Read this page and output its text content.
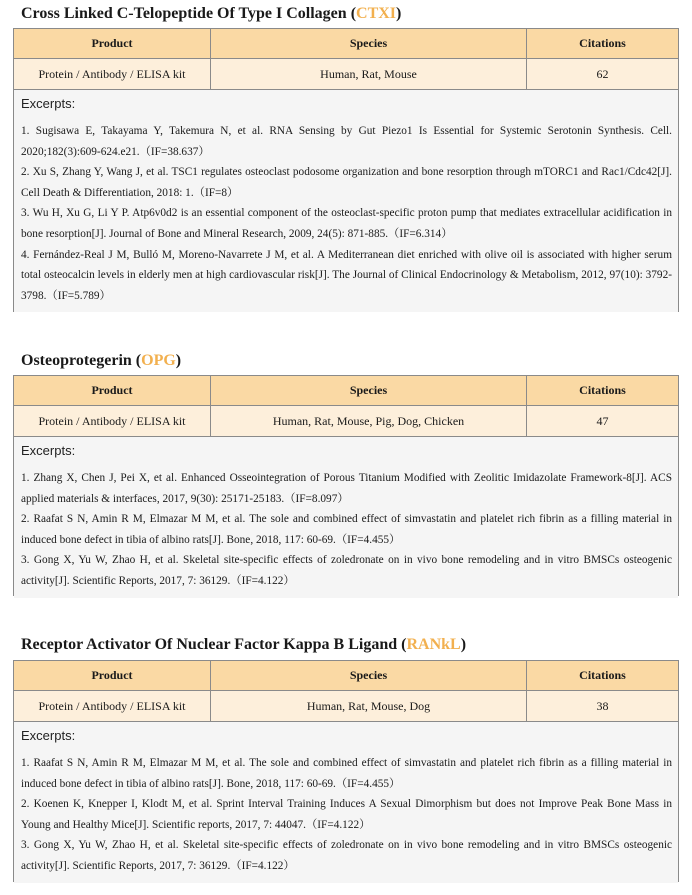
Cross Linked C-Telopeptide Of Type I Collagen (CTXI)
Product	Species	Citations
Protein / Antibody / ELISA kit	Human, Rat, Mouse	62

Excerpts:

1. Sugisawa E, Takayama Y, Takemura N, et al. RNA Sensing by Gut Piezo1 Is Essential for Systemic Serotonin Synthesis. Cell. 2020;182(3):609-624.e21.（IF=38.637）

2. Xu S, Zhang Y, Wang J, et al. TSC1 regulates osteoclast podosome organization and bone resorption through mTORC1 and Rac1/Cdc42[J]. Cell Death & Differentiation, 2018: 1.（IF=8）

3. Wu H, Xu G, Li Y P. Atp6v0d2 is an essential component of the osteoclast‐specific proton pump that mediates extracellular acidification in bone resorption[J]. Journal of Bone and Mineral Research, 2009, 24(5): 871-885.（IF=6.314）

4. Fernández-Real J M, Bulló M, Moreno-Navarrete J M, et al. A Mediterranean diet enriched with olive oil is associated with higher serum total osteocalcin levels in elderly men at high cardiovascular risk[J]. The Journal of Clinical Endocrinology & Metabolism, 2012, 97(10): 3792-3798.（IF=5.789）

Osteoprotegerin (OPG)
Product	Species	Citations
Protein / Antibody / ELISA kit	Human, Rat, Mouse, Pig, Dog, Chicken	47

Excerpts:

1. Zhang X, Chen J, Pei X, et al. Enhanced Osseointegration of Porous Titanium Modified with Zeolitic Imidazolate Framework-8[J]. ACS applied materials & interfaces, 2017, 9(30): 25171-25183.（IF=8.097）

2. Raafat S N, Amin R M, Elmazar M M, et al. The sole and combined effect of simvastatin and platelet rich fibrin as a filling material in induced bone defect in tibia of albino rats[J]. Bone, 2018, 117: 60-69.（IF=4.455）

3. Gong X, Yu W, Zhao H, et al. Skeletal site-specific effects of zoledronate on in vivo bone remodeling and in vitro BMSCs osteogenic activity[J]. Scientific Reports, 2017, 7: 36129.（IF=4.122）

Receptor Activator Of Nuclear Factor Kappa B Ligand (RANkL)
Product	Species	Citations
Protein / Antibody / ELISA kit	Human, Rat, Mouse, Dog	38

Excerpts:

1. Raafat S N, Amin R M, Elmazar M M, et al. The sole and combined effect of simvastatin and platelet rich fibrin as a filling material in induced bone defect in tibia of albino rats[J]. Bone, 2018, 117: 60-69.（IF=4.455）

2. Koenen K, Knepper I, Klodt M, et al. Sprint Interval Training Induces A Sexual Dimorphism but does not Improve Peak Bone Mass in Young and Healthy Mice[J]. Scientific reports, 2017, 7: 44047.（IF=4.122）

3. Gong X, Yu W, Zhao H, et al. Skeletal site-specific effects of zoledronate on in vivo bone remodeling and in vitro BMSCs osteogenic activity[J]. Scientific Reports, 2017, 7: 36129.（IF=4.122）
